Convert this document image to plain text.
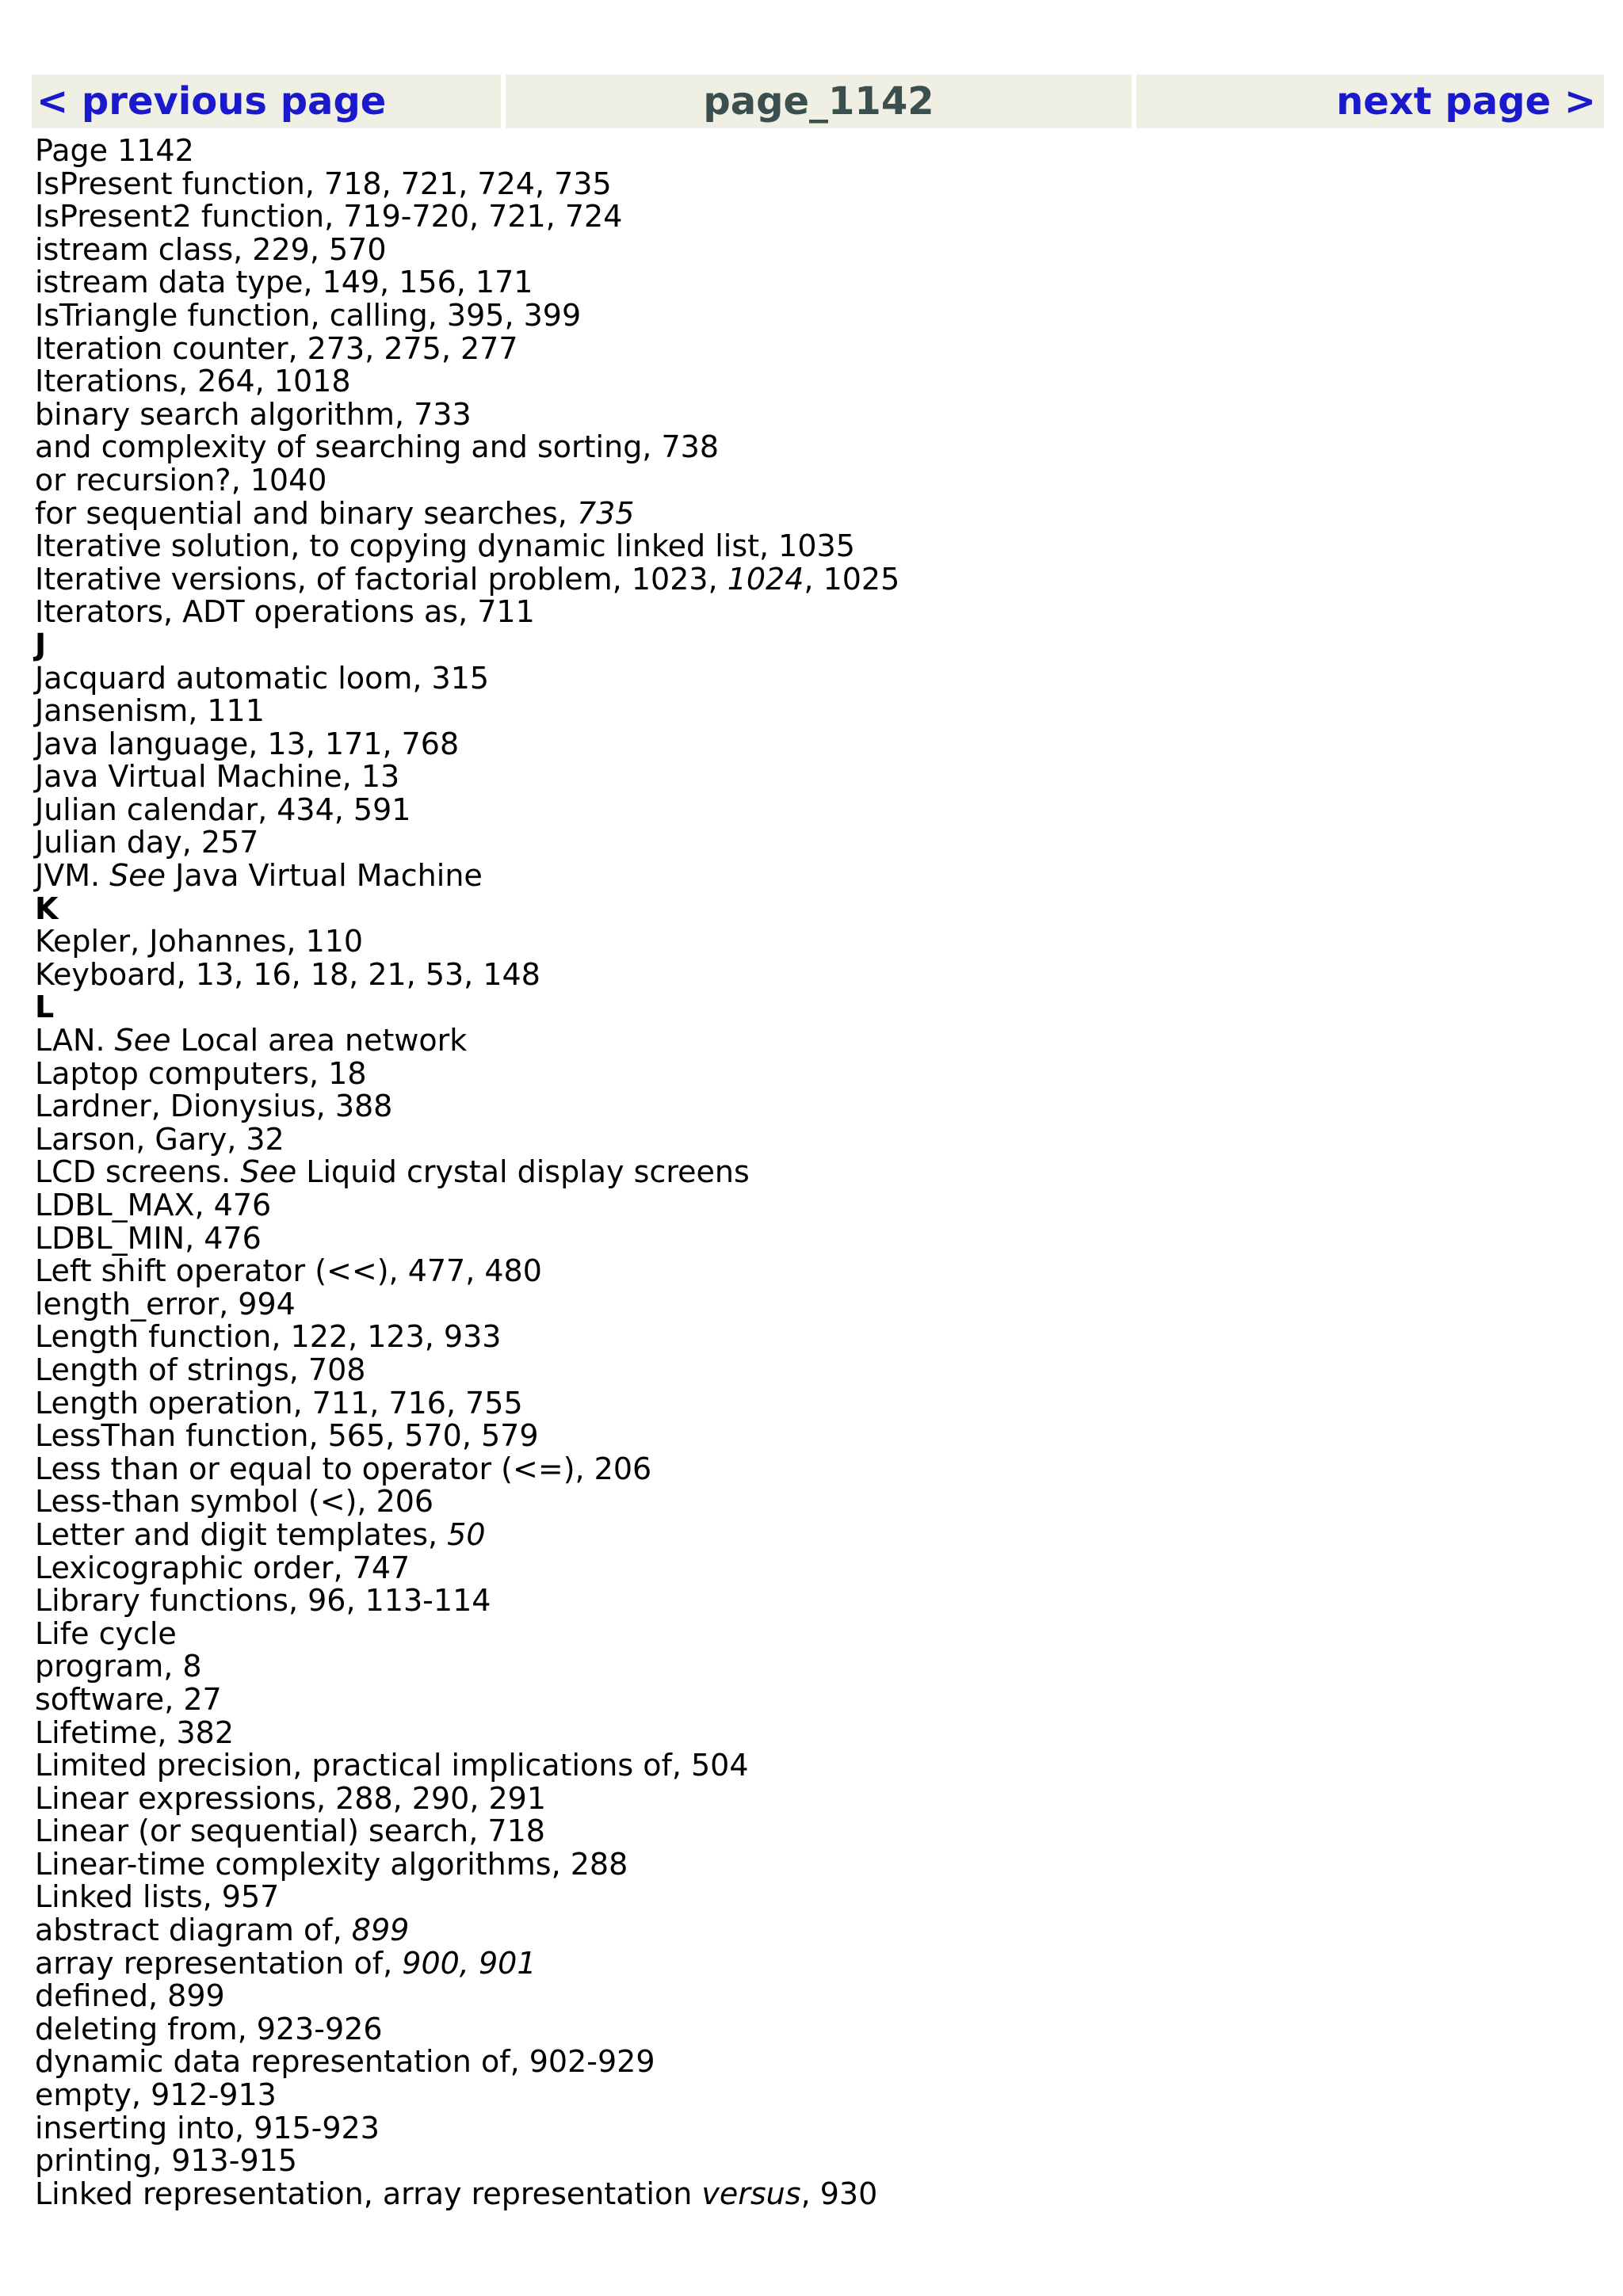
< previous page	page_1142	next page >
Page 1142
IsPresent function, 718, 721, 724, 735
IsPresent2 function, 719-720, 721, 724
istream class, 229, 570
istream data type, 149, 156, 171
IsTriangle function, calling, 395, 399
Iteration counter, 273, 275, 277
Iterations, 264, 1018
binary search algorithm, 733
and complexity of searching and sorting, 738
or recursion?, 1040
for sequential and binary searches, 735
Iterative solution, to copying dynamic linked list, 1035
Iterative versions, of factorial problem, 1023, 1024, 1025
Iterators, ADT operations as, 711
J
Jacquard automatic loom, 315
Jansenism, 111
Java language, 13, 171, 768
Java Virtual Machine, 13
Julian calendar, 434, 591
Julian day, 257
JVM. See Java Virtual Machine
K
Kepler, Johannes, 110
Keyboard, 13, 16, 18, 21, 53, 148
L
LAN. See Local area network
Laptop computers, 18
Lardner, Dionysius, 388
Larson, Gary, 32
LCD screens. See Liquid crystal display screens
LDBL_MAX, 476
LDBL_MIN, 476
Left shift operator (<<), 477, 480
length_error, 994
Length function, 122, 123, 933
Length of strings, 708
Length operation, 711, 716, 755
LessThan function, 565, 570, 579
Less than or equal to operator (<=), 206
Less-than symbol (<), 206
Letter and digit templates, 50
Lexicographic order, 747
Library functions, 96, 113-114
Life cycle
program, 8
software, 27
Lifetime, 382
Limited precision, practical implications of, 504
Linear expressions, 288, 290, 291
Linear (or sequential) search, 718
Linear-time complexity algorithms, 288
Linked lists, 957
abstract diagram of, 899
array representation of, 900, 901
defined, 899
deleting from, 923-926
dynamic data representation of, 902-929
empty, 912-913
inserting into, 915-923
printing, 913-915
Linked representation, array representation versus, 930
